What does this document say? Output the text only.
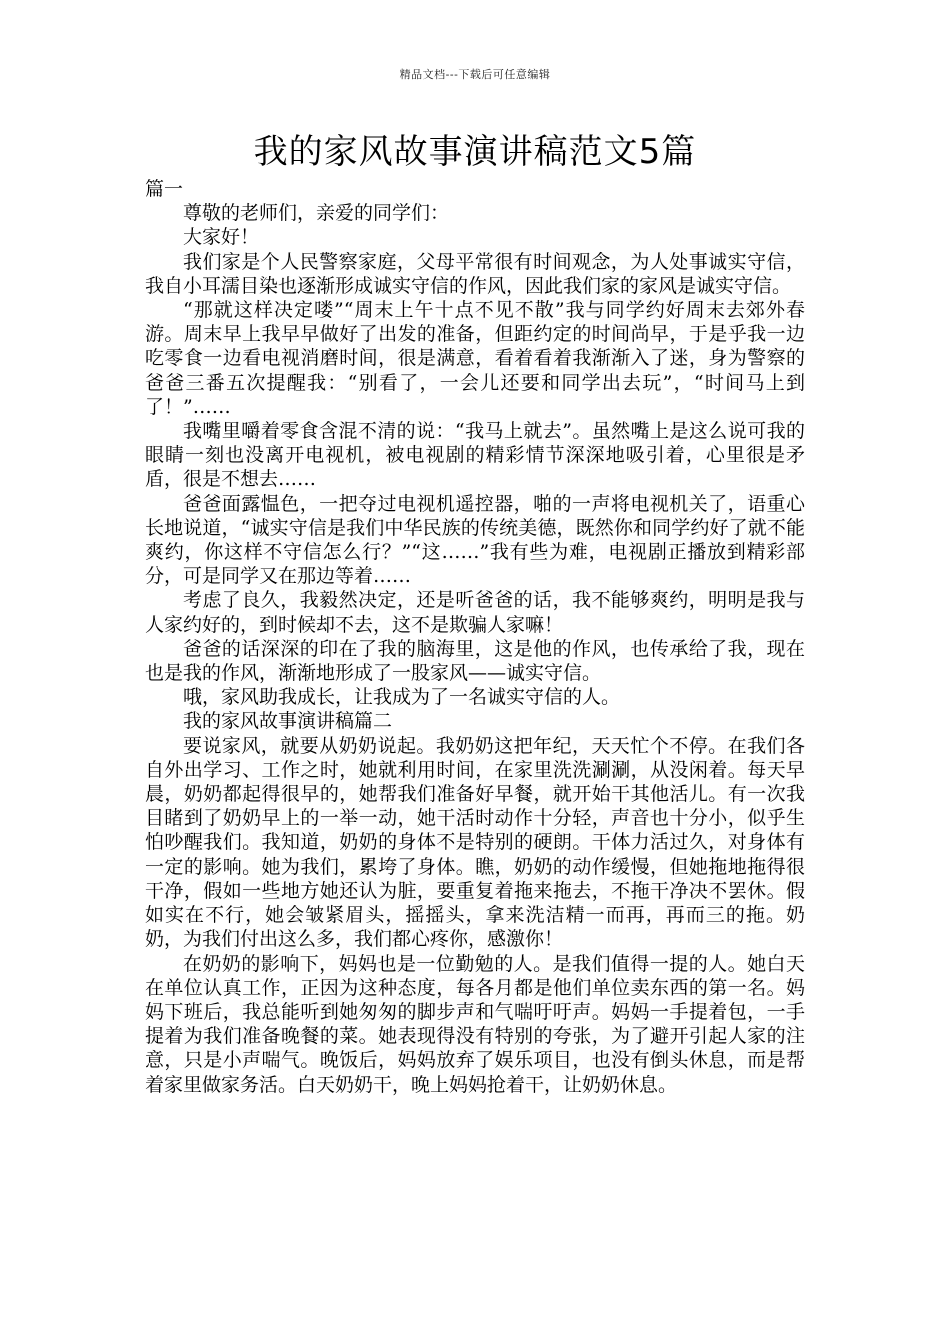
精品文档---下载后可任意编辑
我的家风故事演讲稿范文5篇

篇一

尊敬的老师们，亲爱的同学们：

大家好！

我们家是个人民警察家庭，父母平常很有时间观念，为人处事诚实守信，我自小耳濡目染也逐渐形成诚实守信的作风，因此我们家的家风是诚实守信。

“那就这样决定喽”“周末上午十点不见不散”我与同学约好周末去郊外春游。周末早上我早早做好了出发的准备，但距约定的时间尚早，于是乎我一边吃零食一边看电视消磨时间，很是满意，看着看着我渐渐入了迷，身为警察的爸爸三番五次提醒我：“别看了，一会儿还要和同学出去玩”，“时间马上到了！”……

我嘴里嚼着零食含混不清的说：“我马上就去”。虽然嘴上是这么说可我的眼睛一刻也没离开电视机，被电视剧的精彩情节深深地吸引着，心里很是矛盾，很是不想去……

爸爸面露愠色，一把夺过电视机遥控器，啪的一声将电视机关了，语重心长地说道，“诚实守信是我们中华民族的传统美德，既然你和同学约好了就不能爽约，你这样不守信怎么行？”“这……”我有些为难，电视剧正播放到精彩部分，可是同学又在那边等着……

考虑了良久，我毅然决定，还是听爸爸的话，我不能够爽约，明明是我与人家约好的，到时候却不去，这不是欺骗人家嘛！

爸爸的话深深的印在了我的脑海里，这是他的作风，也传承给了我，现在也是我的作风，渐渐地形成了一股家风——诚实守信。

哦，家风助我成长，让我成为了一名诚实守信的人。

我的家风故事演讲稿篇二

要说家风，就要从奶奶说起。我奶奶这把年纪，天天忙个不停。在我们各自外出学习、工作之时，她就利用时间，在家里洗洗涮涮，从没闲着。每天早晨，奶奶都起得很早的，她帮我们准备好早餐，就开始干其他活儿。有一次我目睹到了奶奶早上的一举一动，她干活时动作十分轻，声音也十分小，似乎生怕吵醒我们。我知道，奶奶的身体不是特别的硬朗。干体力活过久，对身体有一定的影响。她为我们，累垮了身体。瞧，奶奶的动作缓慢，但她拖地拖得很干净，假如一些地方她还认为脏，要重复着拖来拖去，不拖干净决不罢休。假如实在不行，她会皱紧眉头，摇摇头，拿来洗洁精一而再，再而三的拖。奶奶，为我们付出这么多，我们都心疼你，感激你！

在奶奶的影响下，妈妈也是一位勤勉的人。是我们值得一提的人。她白天在单位认真工作，正因为这种态度，每各月都是他们单位卖东西的第一名。妈妈下班后，我总能听到她匆匆的脚步声和气喘吁吁声。妈妈一手提着包，一手提着为我们准备晚餐的菜。她表现得没有特别的夸张，为了避开引起人家的注意，只是小声喘气。晚饭后，妈妈放弃了娱乐项目，也没有倒头休息，而是帮着家里做家务活。白天奶奶干，晚上妈妈抢着干，让奶奶休息。
